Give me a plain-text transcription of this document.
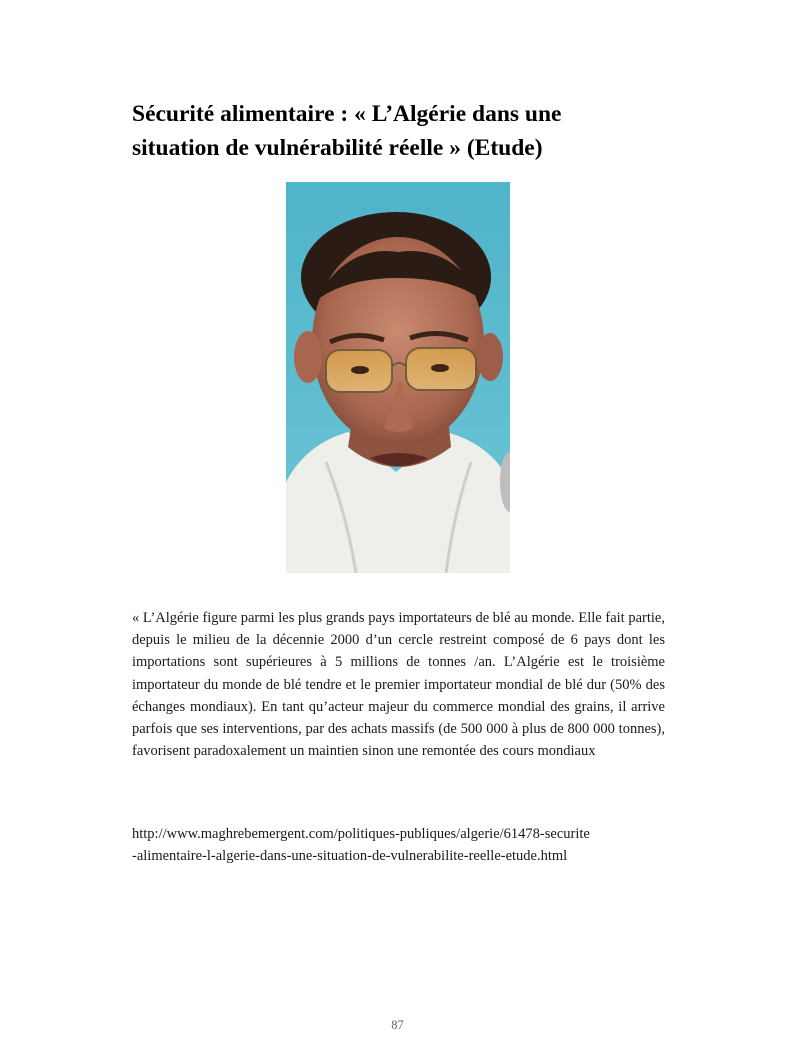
Sécurité alimentaire : « L’Algérie dans une
situation de vulnérabilité réelle » (Etude)

« L’Algérie figure parmi les plus grands pays importateurs de blé au monde. Elle fait partie, depuis le milieu de la décennie 2000 d’un cercle restreint composé de 6 pays dont les importations sont supérieures à 5 millions de tonnes /an. L’Algérie est le troisième importateur du monde de blé tendre et le premier importateur mondial de blé dur (50% des échanges mondiaux). En tant qu’acteur majeur du commerce mondial des grains, il arrive parfois que ses interventions, par des achats massifs (de 500 000 à plus de 800 000 tonnes), favorisent paradoxalement un maintien sinon une remontée des cours mondiaux

http://www.maghrebemergent.com/politiques-publiques/algerie/61478-securite
-alimentaire-l-algerie-dans-une-situation-de-vulnerabilite-reelle-etude.html
87
